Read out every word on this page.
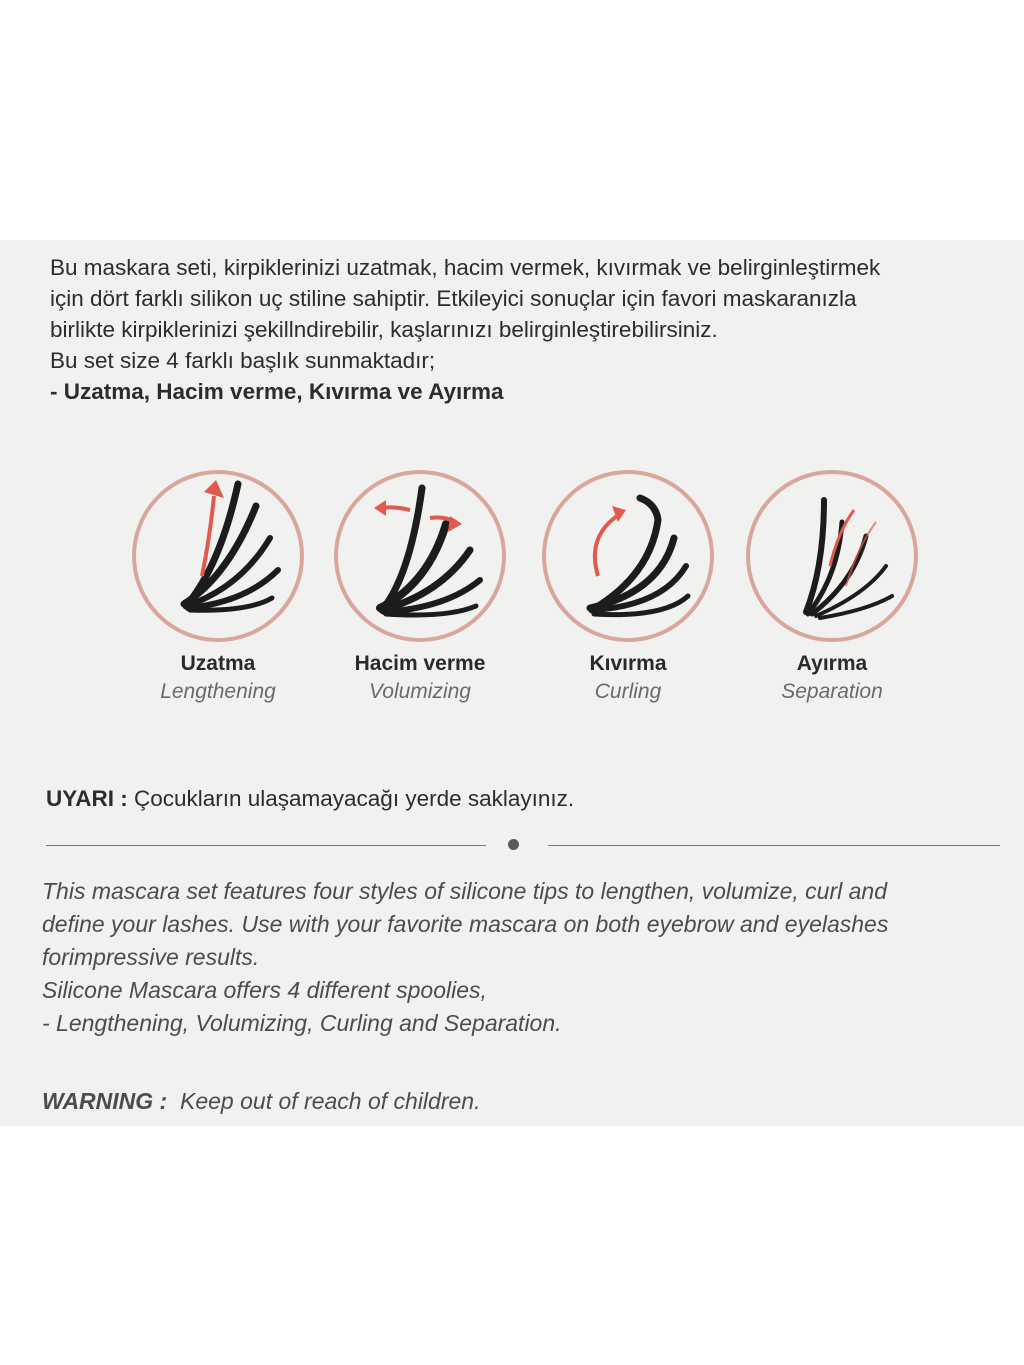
Bu maskara seti, kirpiklerinizi uzatmak, hacim vermek, kıvırmak ve belirginleştirmek

için dört farklı silikon uç stiline sahiptir. Etkileyici sonuçlar için favori maskaranızla

birlikte kirpiklerinizi şekillndirebilir, kaşlarınızı belirginleştirebilirsiniz.

Bu set size 4 farklı başlık sunmaktadır;

- Uzatma, Hacim verme, Kıvırma ve Ayırma

Uzatma
Lengthening
Hacim verme
Volumizing
Kıvırma
Curling
Ayırma
Separation
UYARI : Çocukların ulaşamayacağı yerde saklayınız.

This mascara set features four styles of silicone tips to lengthen, volumize, curl and

define your lashes. Use with your favorite mascara on both eyebrow and eyelashes

forimpressive results.

Silicone Mascara offers 4 different spoolies,

- Lengthening, Volumizing, Curling and Separation.

WARNING :  Keep out of reach of children.
